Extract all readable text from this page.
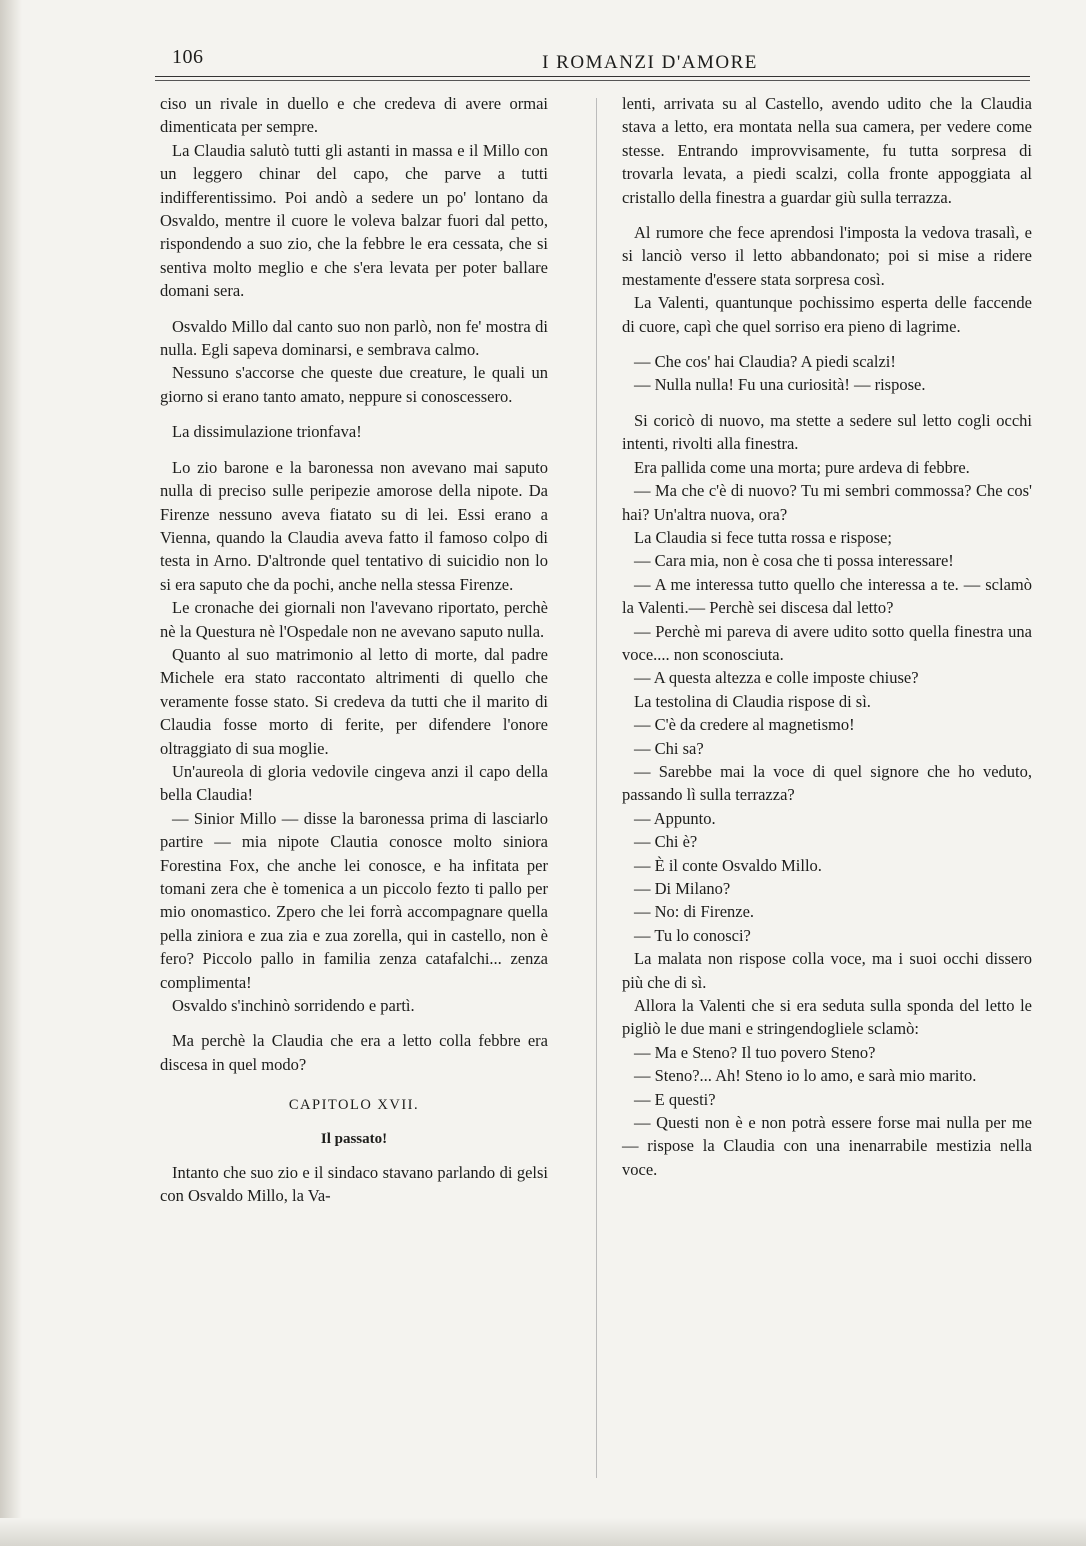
106	I ROMANZI D'AMORE

ciso un rivale in duello e che credeva di avere ormai dimenticata per sempre.

La Claudia salutò tutti gli astanti in massa e il Millo con un leggero chinar del capo, che parve a tutti indifferentissimo. Poi andò a sedere un po' lontano da Osvaldo, mentre il cuore le voleva balzar fuori dal petto, rispondendo a suo zio, che la febbre le era cessata, che si sentiva molto meglio e che s'era levata per poter ballare domani sera.

Osvaldo Millo dal canto suo non parlò, non fe' mostra di nulla. Egli sapeva dominarsi, e sembrava calmo.

Nessuno s'accorse che queste due creature, le quali un giorno si erano tanto amato, neppure si conoscessero.

La dissimulazione trionfava!

Lo zio barone e la baronessa non avevano mai saputo nulla di preciso sulle peripezie amorose della nipote. Da Firenze nessuno aveva fiatato su di lei. Essi erano a Vienna, quando la Claudia aveva fatto il famoso colpo di testa in Arno. D'altronde quel tentativo di suicidio non lo si era saputo che da pochi, anche nella stessa Firenze.

Le cronache dei giornali non l'avevano riportato, perchè nè la Questura nè l'Ospedale non ne avevano saputo nulla.

Quanto al suo matrimonio al letto di morte, dal padre Michele era stato raccontato altrimenti di quello che veramente fosse stato. Si credeva da tutti che il marito di Claudia fosse morto di ferite, per difendere l'onore oltraggiato di sua moglie.

Un'aureola di gloria vedovile cingeva anzi il capo della bella Claudia!

— Sinior Millo — disse la baronessa prima di lasciarlo partire — mia nipote Clautia conosce molto siniora Forestina Fox, che anche lei conosce, e ha infitata per tomani zera che è tomenica a un piccolo fezto ti pallo per mio onomastico. Zpero che lei forrà accompagnare quella pella ziniora e zua zia e zua zorella, qui in castello, non è fero? Piccolo pallo in familia zenza catafalchi... zenza complimenta!

Osvaldo s'inchinò sorridendo e partì.

Ma perchè la Claudia che era a letto colla febbre era discesa in quel modo?

CAPITOLO XVII.

Il passato!

Intanto che suo zio e il sindaco stavano parlando di gelsi con Osvaldo Millo, la Va-

lenti, arrivata su al Castello, avendo udito che la Claudia stava a letto, era montata nella sua camera, per vedere come stesse. Entrando improvvisamente, fu tutta sorpresa di trovarla levata, a piedi scalzi, colla fronte appoggiata al cristallo della finestra a guardar giù sulla terrazza.

Al rumore che fece aprendosi l'imposta la vedova trasalì, e si lanciò verso il letto abbandonato; poi si mise a ridere mestamente d'essere stata sorpresa così.

La Valenti, quantunque pochissimo esperta delle faccende di cuore, capì che quel sorriso era pieno di lagrime.

— Che cos' hai Claudia? A piedi scalzi!

— Nulla nulla! Fu una curiosità! — rispose.

Si coricò di nuovo, ma stette a sedere sul letto cogli occhi intenti, rivolti alla finestra.

Era pallida come una morta; pure ardeva di febbre.

— Ma che c'è di nuovo? Tu mi sembri commossa? Che cos' hai? Un'altra nuova, ora?

La Claudia si fece tutta rossa e rispose;

— Cara mia, non è cosa che ti possa interessare!

— A me interessa tutto quello che interessa a te. — sclamò la Valenti.— Perchè sei discesa dal letto?

— Perchè mi pareva di avere udito sotto quella finestra una voce.... non sconosciuta.

— A questa altezza e colle imposte chiuse?

La testolina di Claudia rispose di sì.

— C'è da credere al magnetismo!

— Chi sa?

— Sarebbe mai la voce di quel signore che ho veduto, passando lì sulla terrazza?

— Appunto.

— Chi è?

— È il conte Osvaldo Millo.

— Di Milano?

— No: di Firenze.

— Tu lo conosci?

La malata non rispose colla voce, ma i suoi occhi dissero più che di sì.

Allora la Valenti che si era seduta sulla sponda del letto le pigliò le due mani e stringendogliele sclamò:

— Ma e Steno? Il tuo povero Steno?

— Steno?... Ah! Steno io lo amo, e sarà mio marito.

— E questi?

— Questi non è e non potrà essere forse mai nulla per me — rispose la Claudia con una inenarrabile mestizia nella voce.
